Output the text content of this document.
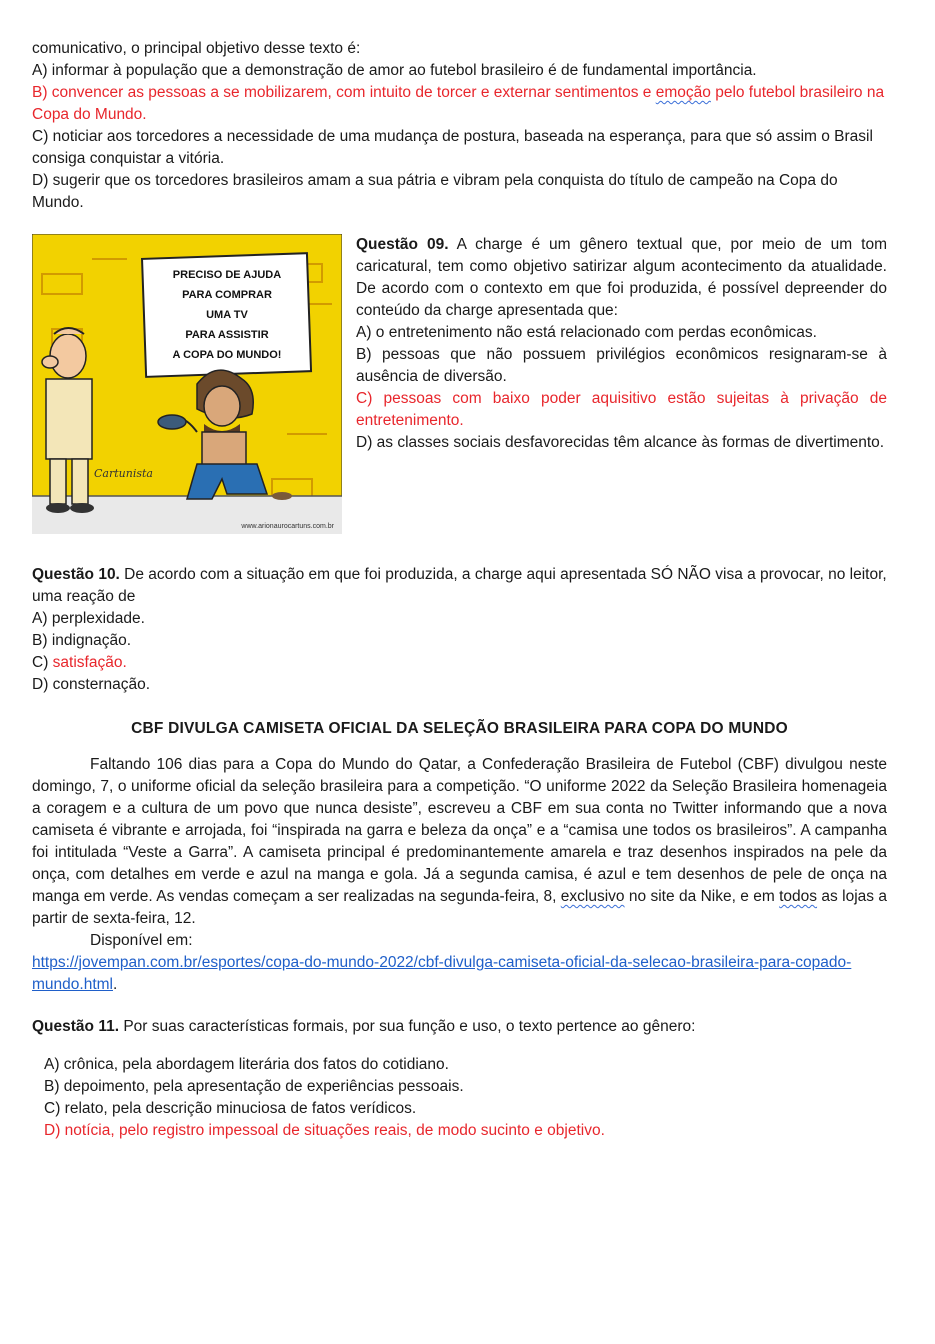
comunicativo, o principal objetivo desse texto é:

A) informar à população que a demonstração de amor ao futebol brasileiro é de fundamental importância.

B) convencer as pessoas a se mobilizarem, com intuito de torcer e externar sentimentos e emoção pelo futebol brasileiro na Copa do Mundo.

C) noticiar aos torcedores a necessidade de uma mudança de postura, baseada na esperança, para que só assim o Brasil consiga conquistar a vitória.

D) sugerir que os torcedores brasileiros amam a sua pátria e vibram pela conquista do título de campeão na Copa do Mundo.

PRECISO DE AJUDA
PARA COMPRAR
UMA TV
PARA ASSISTIR
A COPA DO MUNDO!
Cartunista
www.arionaurocartuns.com.br

Questão 09. A charge é um gênero textual que, por meio de um tom caricatural, tem como objetivo satirizar algum acontecimento da atualidade. De acordo com o contexto em que foi produzida, é possível depreender do conteúdo da charge apresentada que:

A) o entretenimento não está relacionado com perdas econômicas.

B) pessoas que não possuem privilégios econômicos resignaram-se à ausência de diversão.

C) pessoas com baixo poder aquisitivo estão sujeitas à privação de entretenimento.

D) as classes sociais desfavorecidas têm alcance às formas de divertimento.

Questão 10. De acordo com a situação em que foi produzida, a charge aqui apresentada SÓ NÃO visa a provocar, no leitor, uma reação de

A) perplexidade.

B) indignação.

C) satisfação.

D) consternação.

CBF DIVULGA CAMISETA OFICIAL DA SELEÇÃO BRASILEIRA PARA COPA DO MUNDO

Faltando 106 dias para a Copa do Mundo do Qatar, a Confederação Brasileira de Futebol (CBF) divulgou neste domingo, 7, o uniforme oficial da seleção brasileira para a competição. “O uniforme 2022 da Seleção Brasileira homenageia a coragem e a cultura de um povo que nunca desiste”, escreveu a CBF em sua conta no Twitter informando que a nova camiseta é vibrante e arrojada, foi “inspirada na garra e beleza da onça” e a “camisa une todos os brasileiros”. A campanha foi intitulada “Veste a Garra”. A camiseta principal é predominantemente amarela e traz desenhos inspirados na pele da onça, com detalhes em verde e azul na manga e gola. Já a segunda camisa, é azul e tem desenhos de pele de onça na manga em verde. As vendas começam a ser realizadas na segunda-feira, 8, exclusivo no site da Nike, e em todos as lojas a partir de sexta-feira, 12.

Disponível em:

https://jovempan.com.br/esportes/copa-do-mundo-2022/cbf-divulga-camiseta-oficial-da-selecao-brasileira-para-copado-mundo.html.

Questão 11. Por suas características formais, por sua função e uso, o texto pertence ao gênero:

A) crônica, pela abordagem literária dos fatos do cotidiano.

B) depoimento, pela apresentação de experiências pessoais.

C) relato, pela descrição minuciosa de fatos verídicos.

D) notícia, pelo registro impessoal de situações reais, de modo sucinto e objetivo.
